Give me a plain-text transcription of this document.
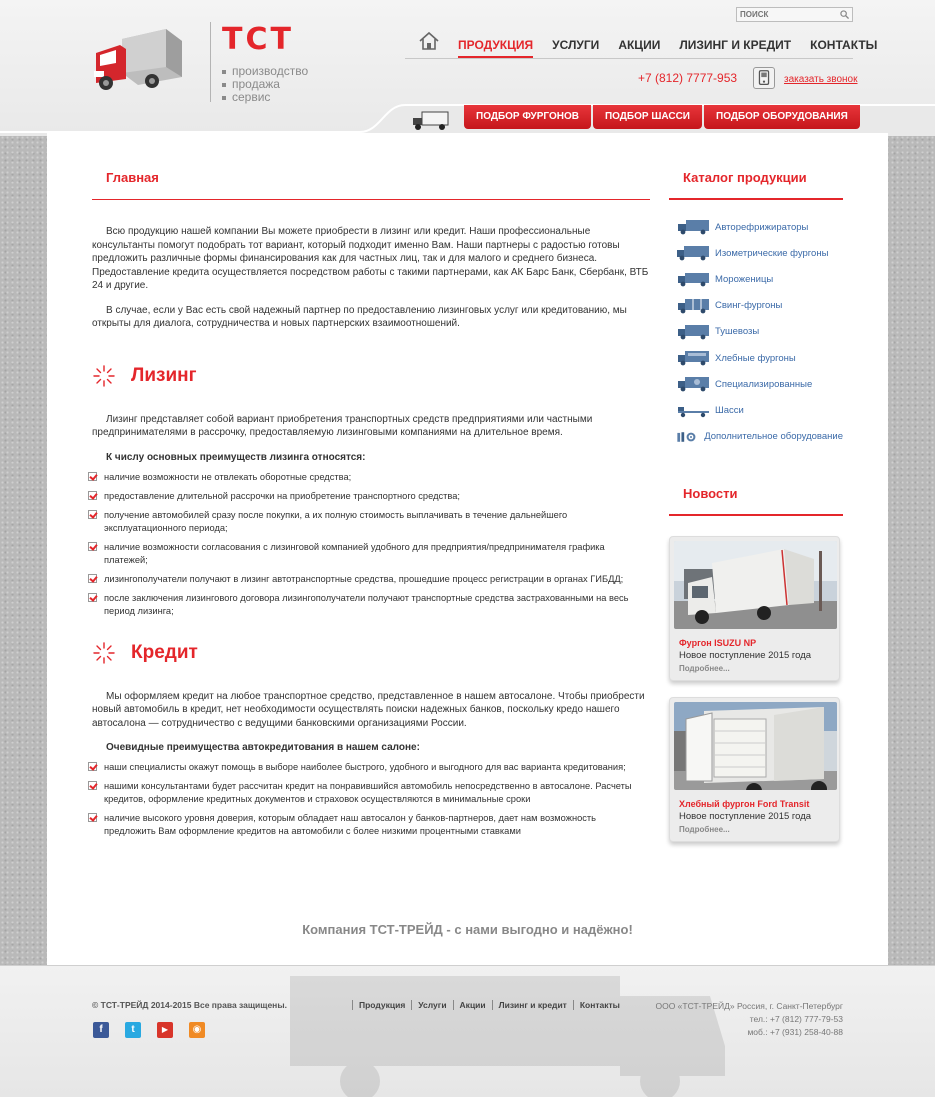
ТСТ
производство
продажа
сервис
ПОИСК
ПРОДУКЦИЯ УСЛУГИ АКЦИИ ЛИЗИНГ И КРЕДИТ КОНТАКТЫ
+7 (812) 7777-953	заказать звонок
ПОДБОР ФУРГОНОВ	ПОДБОР ШАССИ	ПОДБОР ОБОРУДОВАНИЯ
Главная

Всю продукцию нашей компании Вы можете приобрести в лизинг или кредит. Наши профессиональные консультанты помогут подобрать тот вариант, который подходит именно Вам. Наши партнеры с радостью готовы предложить различные формы финансирования как для частных лиц, так и для малого и среднего бизнеса. Предоставление кредита осуществляется посредством работы с такими партнерами, как АК Барс Банк, Сбербанк, ВТБ 24 и другие.

В случае, если у Вас есть свой надежный партнер по предоставлению лизинговых услуг или кредитованию, мы открыты для диалога, сотрудничества и новых партнерских взаимоотношений.

Лизинг

Лизинг представляет собой вариант приобретения транспортных средств предприятиями или частными предпринимателями в рассрочку, предоставляемую лизинговыми компаниями на длительное время.

К числу основных преимуществ лизинга относятся:
наличие возможности не отвлекать оборотные средства;
предоставление длительной рассрочки на приобретение транспортного средства;
получение автомобилей сразу после покупки, а их полную стоимость выплачивать в течение дальнейшего эксплуатационного периода;
наличие возможности согласования с лизинговой компанией удобного для предприятия/предпринимателя графика платежей;
лизингополучатели получают в лизинг автотранспортные средства, прошедшие процесс регистрации в органах ГИБДД;
после заключения лизингового договора лизингополучатели получают транспортные средства застрахованными на весь период лизинга;
Кредит

Мы оформляем кредит на любое транспортное средство, представленное в нашем автосалоне. Чтобы приобрести новый автомобиль в кредит, нет необходимости осуществлять поиски надежных банков, поскольку кредо нашего автосалона — сотрудничество с ведущими банковскими организациями России.

Очевидные преимущества автокредитования в нашем салоне:
наши специалисты окажут помощь в выборе наиболее быстрого, удобного и выгодного для вас варианта кредитования;
нашими консультантами будет рассчитан кредит на понравившийся автомобиль непосредственно в автосалоне. Расчеты кредитов, оформление кредитных документов и страховок осуществляются в минимальные сроки
наличие высокого уровня доверия, которым обладает наш автосалон у банков-партнеров, дает нам возможность предложить Вам оформление кредитов на автомобили с более низкими процентными ставками
Компания ТСТ-ТРЕЙД - с нами выгодно и надёжно!
Каталог продукции
Авторефрижираторы
Изометрические фургоны
Мороженицы
Свинг-фургоны
Тушевозы
Хлебные фургоны
Специализированные
Шасси
Дополнительное оборудование
Новости
Фургон ISUZU NP
Новое поступление 2015 года
Подробнее...
Хлебный фургон Ford Transit
Новое поступление 2015 года
Подробнее...
© ТСТ-ТРЕЙД 2014-2015 Все права защищены.	Продукция	Услуги	Акции	Лизинг и кредит	Контакты
f	t	▶	◉
ООО «ТСТ-ТРЕЙД» Россия, г. Санкт-Петербург
тел.: +7 (812) 777-79-53
моб.: +7 (931) 258-40-88
